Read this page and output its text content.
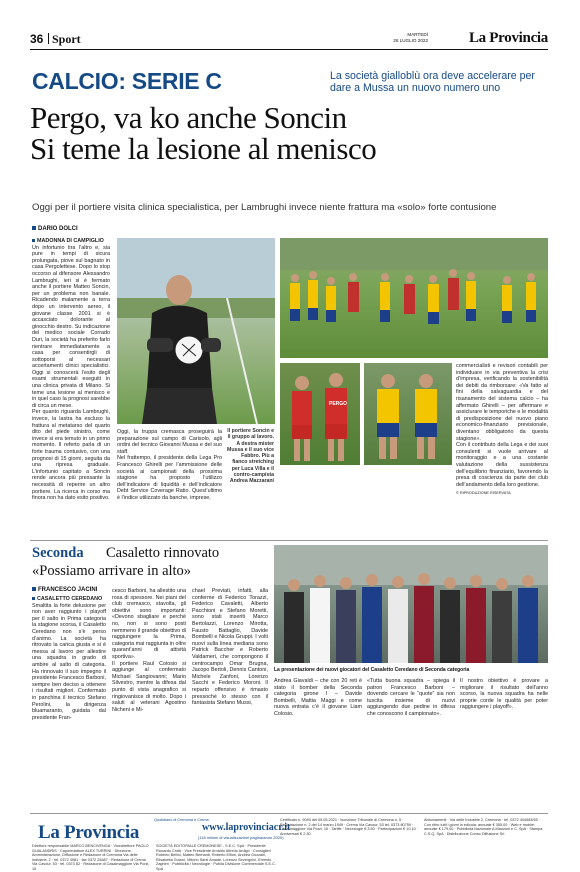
36 Sport	MARTEDÌ
26 LUGLIO 2022	La Provincia
CALCIO: SERIE C	La società gialloblù ora deve accelerare per dare a Mussa un nuovo numero uno
Pergo, va ko anche Soncin
Si teme la lesione al menisco
Oggi per il portiere visita clinica specialistica, per Lambrughi invece niente frattura ma «solo» forte contusione
DARIO DOLCI
MADONNA DI CAMPIGLIO
Un infortunio tira l’altro e, sia pure in tempi di sicura prolungata, piove sul bagnato in casa Pergolettese. Dopo lo stop occorso al difensore Alessandro Lambrughi, ieri si è fermato anche il portiere Matteo Soncin, per un problema non banale. Ricadendo malamente a terra dopo un intervento aereo, il giovane classe 2001 si è accasciato dolorante al ginocchio destro. Su indicazione del medico sociale Corrado Duri, la società ha preferito farlo rientrare immediatamente a casa per consentirgli di sottoporsi al necessari accertamenti clinici specialistici. Oggi si conoscerà l’esito degli esami strumentali eseguiti in una clinica privata di Milano. Si teme una lesione al menisco e in quel caso la prognosi sarebbe di circa un mese.
Per quanto riguarda Lambrughi, invece, la lastra ha escluso la frattura al metatarso del quarto dito del piede sinistro, come invece si era temuto in un primo momento. Il referto parla di un forte trauma contusivo, con una prognosi di 15 giorni, seguita da una ripresa graduale. L’infortunio capitato a Soncin rende ancora più pressante la necessità di reperire un altro portiere. La ricerca in corso ma finora non ha dato esito positivo.
Oggi, la truppa cremasca proseguirà la preparazione sul campo di Carisolo, agli ordini del tecnico Giovanni Mussa e del suo staff.
Nel frattempo, il presidente della Lega Pro Francesco Ghirelli per l’ammissione delle società ai campionati della prossima stagione ha proposto l’utilizzo dell’indicatore di liquidità e dell’indicatore Debt Service Coverage Ratio. Quest’ultimo è l’indice utilizzato da banche, imprese,
Il portiere Soncin e il gruppo al lavoro. A destra mister Mussa e il suo vice Fabbro. Più a fianco stretching per Luca Villa e il contro-campista Andrea Mazzarani
PERGO
commercialisti e revisori contabili per individuare in via preventiva la crisi d’impresa, verificando la sostenibilità dei debiti da rimborsare: «Va fatto al fini della salvaguardia e del risanamento del sistema calcio – ha affermato Ghirelli – per affermare e assiclurare le temporiche e le modalità di predisposizione del nuovo piano economico-finanziario previsionale, diventano obbligatorio da questa stagione».
Con il contributo della Lega e dei suoi consulenti si vuole arrivare al monitoraggio e a una costante valutazione della sussistenza dell’equilibrio finanziario, favorendo la presa di coscienza da parte dei club dell’andamento della loro gestione.
© RIPRODUZIONE RISERVATA
Seconda Casaletto rinnovato
«Possiamo arrivare in alto»
FRANCESCO JACINI
CASALETTO CEREDANO
Smaltita la forte delusione per non aver raggiunto i playoff per il salto in Prima categoria la stagione scorsa, il Casaletto Ceredano non s’è perso d’animo. La società ha ritrovato la carica giusta e si è messa al lavoro per allestire una squadra in grado di ambire al salto di categoria. Ha rinnovato il suo impegno il presidente Francesco Barboni, sempre ben deciso a ottenere i risultati migliori. Confermato in panchina il tecnico Stefano Perolini, la dirigenza bluamaranto, guidata dal presidente Fran-
cesco Barboni, ha allestito una rosa di spessore. Nei piani del club cremasco, stavolta, gli obiettivi sono importanti: «Devono sbagliare e perché no, non si sono posti nemmeno il grande obiettivo di raggiungere la Prima, categoria mai raggiunta in oltre quarant’anni di attività sportiva».
Il portiere Raul Coiosio si aggiunge al confermato Michael Sangiovanni; Mario Silvestro, mentre la difesa dal punto di vista anagrafico si ringiovanisce di molto. Dopo i saluti al veterani Agostino Nicheni e Mi-
chael Previati, infatti, alla conferme di Federico Torazzi, Federico Cavaletti, Alberto Pacchioni e Stefano Moretti, sono stati inseriti Marco Bertolazzi, Lorenzo Mirotta, Fausto Battaglio, Davide Bombelli e Nicola Gruppi. I volti nuovi sulla linea mediana sono Patrick Baccher e Roberto Valdameri, che compongono il centrocampo Omar Brugna, Jacopo Bertoli, Dennis Cantoni, Michele Zanfoni, Lorenzo Sacchi e Federico Moroni. Il reparto offensivo è rimasto pressoché lo stesso con il fantasista Stefano Mussi,
La presentazione dei nuovi giocatori del Casaletto Ceredano di Seconda categoria
Andrea Giavaldi – che con 20 reti è stato il bomber della Seconda categoria girone I – Davide Bombelli, Mattia Maggi e come nuova entrata c’è il giovane Liam Colosio.
«Tutta buona squadra – spiega il patron Francesco Barboni – dovendo cercare le “quote” sia non tuscita insieme di nuovi aggiungendo due pedine in difesa che conoscono il campionato».
Il nostro obiettivo è provare a migliorare il risultato dell’anno scorso, la nuova squadra ha nelle proprie corde le qualità per poter raggiungere i playoff».
La Provincia
Quotidiano di Cremona e Crema
www.laprovinciacr.it
(118 milioni di visualizzazioni pagina/anno 2020)
Direttore responsabile MARCO BENCIVENGA · Vicedirettore PAOLO GUALANDRIS · Caporedattore ALEX TURRINI · Direzione, Amministrazione, Diffusione e Redazione di Cremona Via delle Industrie, 2 · tel. 0372 4981 · fax 0372 28487 · Redazione di Crema Via Cavour, 53 · tel. 0373 82 · Redazione di Casalmaggiore Via Porzi, 15
SOCIETÀ EDITORIALE CREMONESE - S.E.C. SpA · Presidente Riccardo Crotti · Vice Presidente Arnaldo Alfredo Ardigò · Consiglieri Roberto Bellini, Matteo Bernardi, Roberto Elfiori, Andrea Gozzani, Elisabetta Guiani, Vittorio Sarzi Amadé, Lorenzo Severgnini, Ernesto Zaghen · Pubblicità / Necrologie · Publia Divisione Commerciale S.E.C. SpA
Certificato n. 9094 del 05.05.2021 · Iscrizione Tribunale di Cremona n. 5 · Registrazione n. 2 del 14 marzo 1949 · Crema Via Cavour, 53 tel. 0373 80759 · Casalmaggiore Via Porzi, 15 · Tariffe · Necrologie € 3,50 · Partecipazioni € 10,10 · Anniversari € 2,30
Abbonamenti · Via delle Industrie 2, Cremona · tel. 0372 404583/65 · Con ritiro tutti i giorni in edicola: annuale € 355,00 · Web e mobile: annuale € 179,00 · Pubblicità Nazionale A.Manzoni e C. SpA · Stampa C.S.Q. SpA · Distribuzione Conso Diffusione Srl
